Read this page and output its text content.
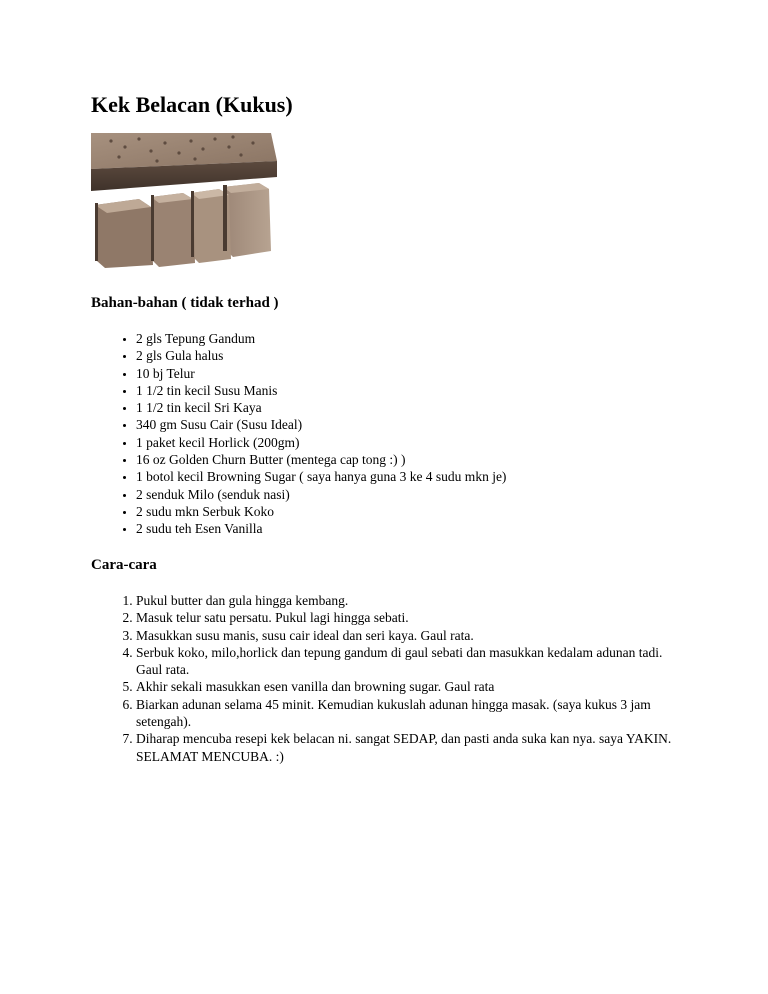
Kek Belacan (Kukus)
Bahan-bahan ( tidak terhad )
• 2 gls Tepung Gandum
• 2 gls Gula halus
• 10 bj Telur
• 1 1/2 tin kecil Susu Manis
• 1 1/2 tin kecil Sri Kaya
• 340 gm Susu Cair (Susu Ideal)
• 1 paket kecil Horlick (200gm)
• 16 oz Golden Churn Butter (mentega cap tong :) )
• 1 botol kecil Browning Sugar ( saya hanya guna 3 ke 4 sudu mkn je)
• 2 senduk Milo (senduk nasi)
• 2 sudu mkn Serbuk Koko
• 2 sudu teh Esen Vanilla
Cara-cara
1. Pukul butter dan gula hingga kembang.
2. Masuk telur satu persatu. Pukul lagi hingga sebati.
3. Masukkan susu manis, susu cair ideal dan seri kaya. Gaul rata.
4. Serbuk koko, milo,horlick dan tepung gandum di gaul sebati dan masukkan kedalam adunan tadi. Gaul rata.
5. Akhir sekali masukkan esen vanilla dan browning sugar. Gaul rata
6. Biarkan adunan selama 45 minit. Kemudian kukuslah adunan hingga masak. (saya kukus 3 jam setengah).
7. Diharap mencuba resepi kek belacan ni. sangat SEDAP, dan pasti anda suka kan nya. saya YAKIN. SELAMAT MENCUBA. :)
